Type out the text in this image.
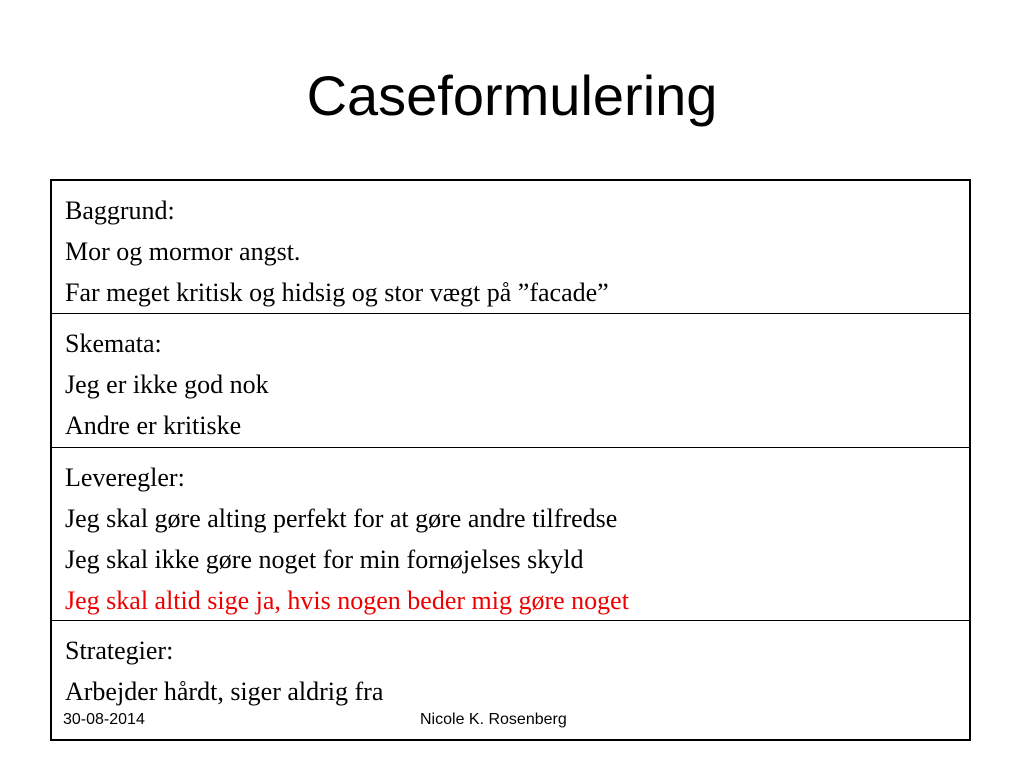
Caseformulering
Baggrund:
Mor og mormor angst.
Far meget kritisk og hidsig og stor vægt på ”facade”
Skemata:
Jeg er ikke god nok
Andre er kritiske
Leveregler:
Jeg skal gøre alting perfekt for at gøre andre tilfredse
Jeg skal ikke gøre noget for min fornøjelses skyld
Jeg skal altid sige ja, hvis nogen beder mig gøre noget
Strategier:
Arbejder hårdt, siger aldrig fra
30-08-2014	Nicole K. Rosenberg
